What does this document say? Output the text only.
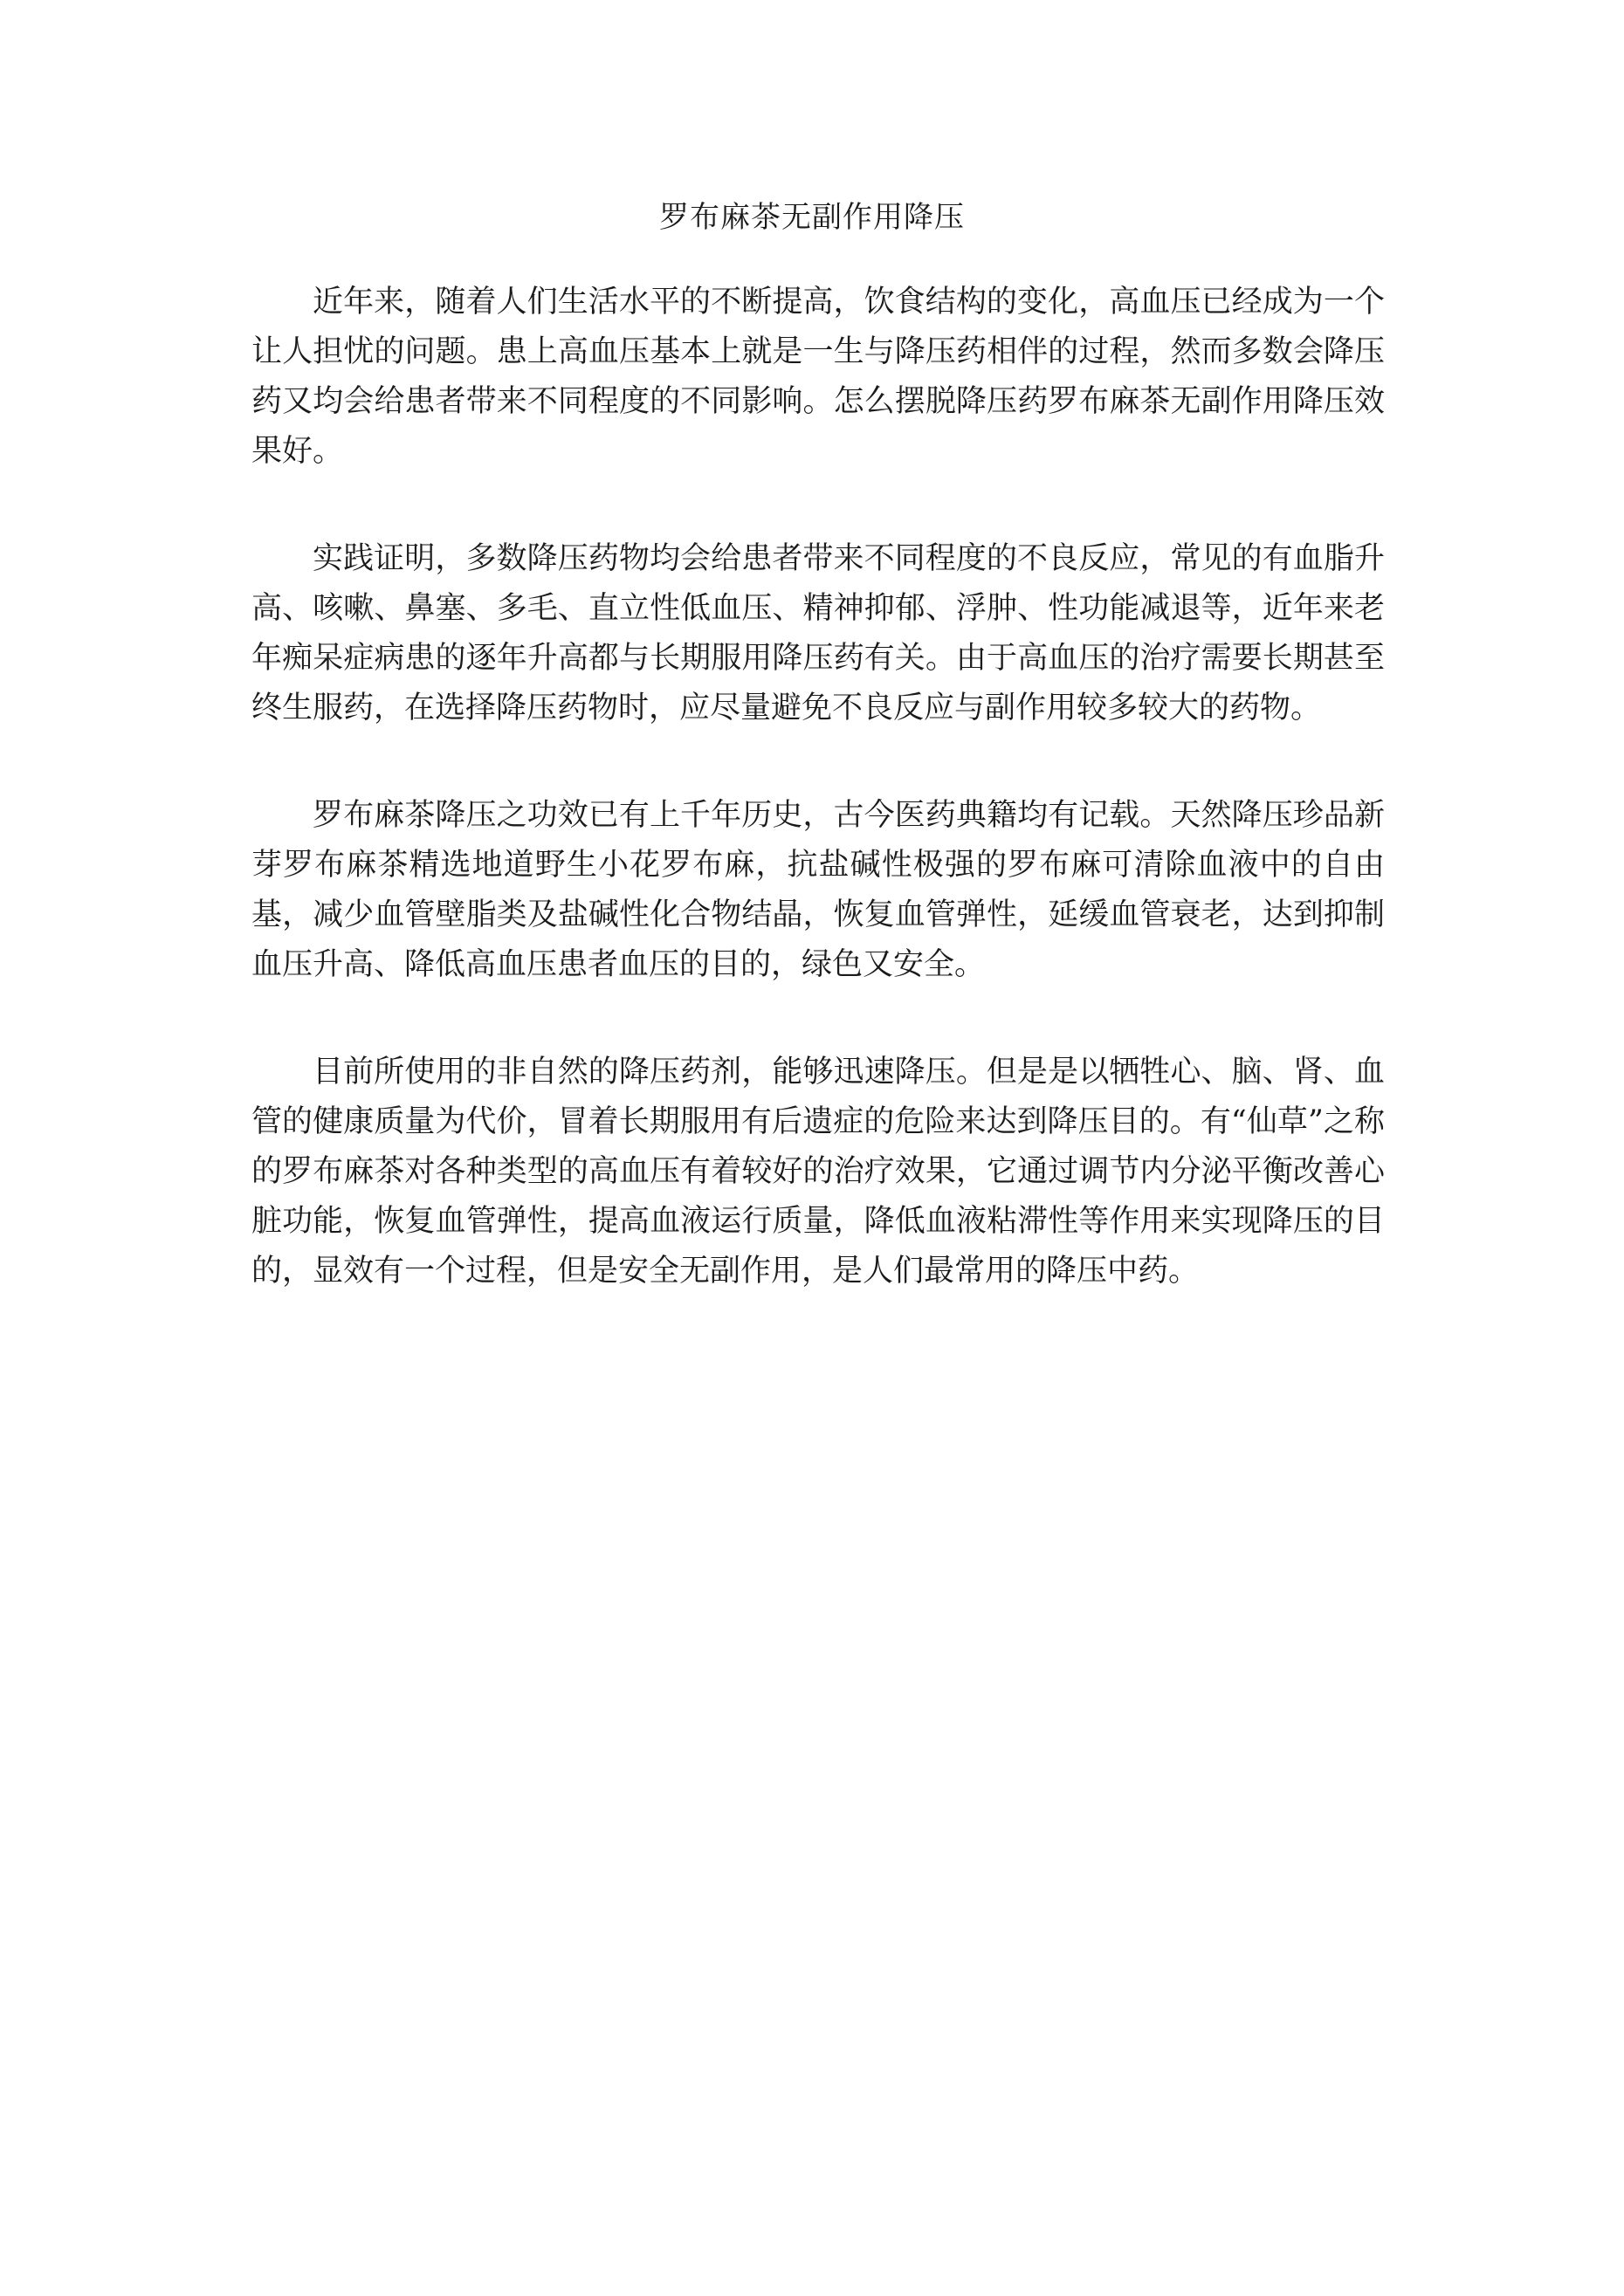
罗布麻茶无副作用降压

近年来，随着人们生活水平的不断提高，饮食结构的变化，高血压已经成为一个让人担忧的问题。患上高血压基本上就是一生与降压药相伴的过程，然而多数会降压药又均会给患者带来不同程度的不同影响。怎么摆脱降压药罗布麻茶无副作用降压效果好。

实践证明，多数降压药物均会给患者带来不同程度的不良反应，常见的有血脂升高、咳嗽、鼻塞、多毛、直立性低血压、精神抑郁、浮肿、性功能减退等，近年来老年痴呆症病患的逐年升高都与长期服用降压药有关。由于高血压的治疗需要长期甚至终生服药，在选择降压药物时，应尽量避免不良反应与副作用较多较大的药物。

罗布麻茶降压之功效已有上千年历史，古今医药典籍均有记载。天然降压珍品新芽罗布麻茶精选地道野生小花罗布麻，抗盐碱性极强的罗布麻可清除血液中的自由基，减少血管壁脂类及盐碱性化合物结晶，恢复血管弹性，延缓血管衰老，达到抑制血压升高、降低高血压患者血压的目的，绿色又安全。

目前所使用的非自然的降压药剂，能够迅速降压。但是是以牺牲心、脑、肾、血管的健康质量为代价，冒着长期服用有后遗症的危险来达到降压目的。有“仙草”之称的罗布麻茶对各种类型的高血压有着较好的治疗效果，它通过调节内分泌平衡改善心脏功能，恢复血管弹性，提高血液运行质量，降低血液粘滞性等作用来实现降压的目的，显效有一个过程，但是安全无副作用，是人们最常用的降压中药。
